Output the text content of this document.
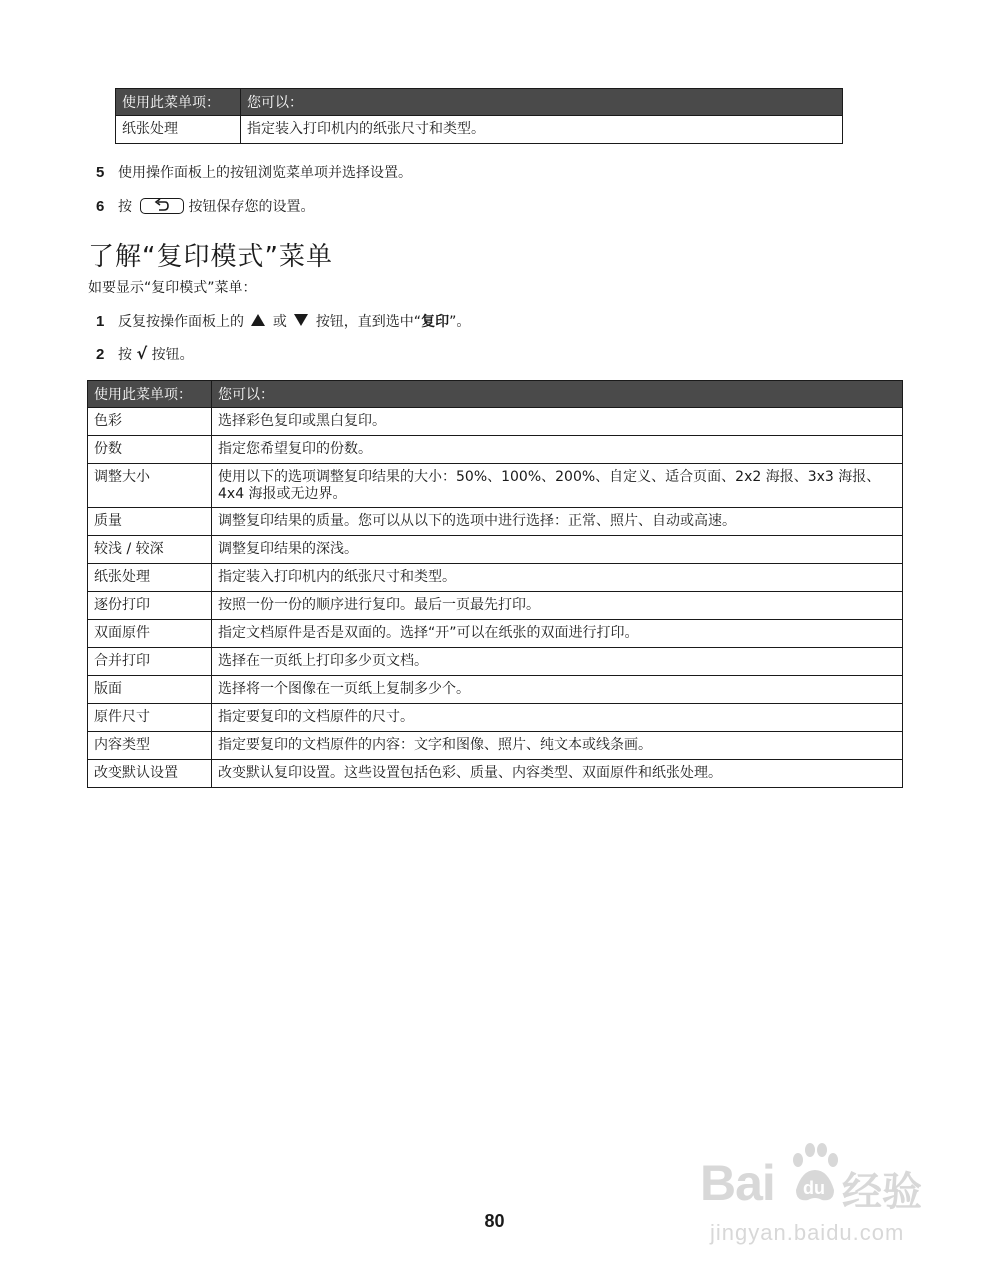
使用此菜单项：	您可以：
纸张处理	指定装入打印机内的纸张尺寸和类型。
5 使用操作面板上的按钮浏览菜单项并选择设置。
6 按	按钮保存您的设置。
了解“复印模式”菜单
如要显示“复印模式”菜单：
1 反复按操作面板上的 或 按钮，直到选中“复印”。
2 按 √ 按钮。
使用此菜单项：	您可以：
色彩	选择彩色复印或黑白复印。
份数	指定您希望复印的份数。
调整大小	使用以下的选项调整复印结果的大小：50%、100%、200%、自定义、适合页面、2x2 海报、3x3 海报、4x4 海报或无边界。
质量	调整复印结果的质量。您可以从以下的选项中进行选择：正常、照片、自动或高速。
较浅 / 较深	调整复印结果的深浅。
纸张处理	指定装入打印机内的纸张尺寸和类型。
逐份打印	按照一份一份的顺序进行复印。最后一页最先打印。
双面原件	指定文档原件是否是双面的。选择“开”可以在纸张的双面进行打印。
合并打印	选择在一页纸上打印多少页文档。
版面	选择将一个图像在一页纸上复制多少个。
原件尺寸	指定要复印的文档原件的尺寸。
内容类型	指定要复印的文档原件的内容：文字和图像、照片、纯文本或线条画。
改变默认设置	改变默认复印设置。这些设置包括色彩、质量、内容类型、双面原件和纸张处理。
Bai du 经验
jingyan.baidu.com
80
